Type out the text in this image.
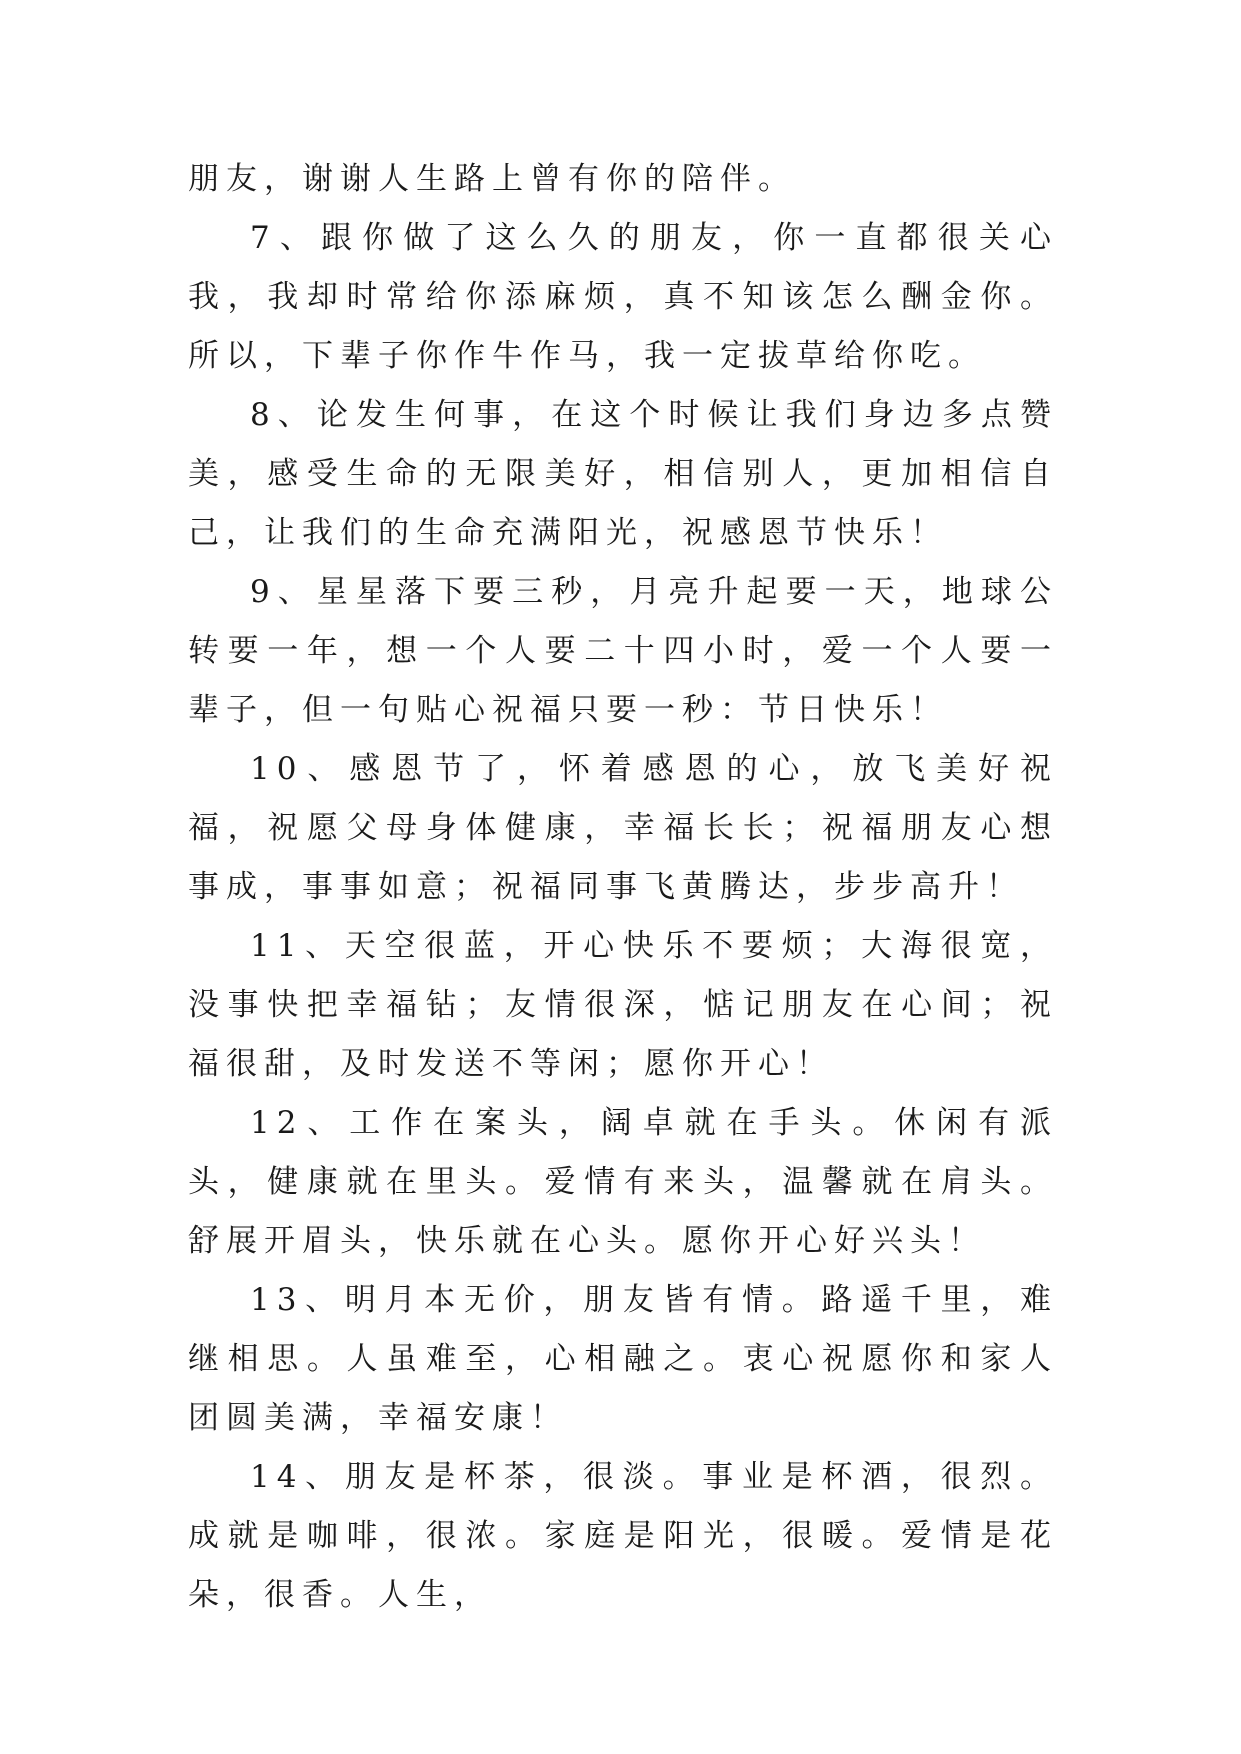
朋友，谢谢人生路上曾有你的陪伴。

7、跟你做了这么久的朋友，你一直都很关心我，我却时常给你添麻烦，真不知该怎么酬金你。所以，下辈子你作牛作马，我一定拔草给你吃。

8、论发生何事，在这个时候让我们身边多点赞美，感受生命的无限美好，相信别人，更加相信自己，让我们的生命充满阳光，祝感恩节快乐！

9、星星落下要三秒，月亮升起要一天，地球公转要一年，想一个人要二十四小时，爱一个人要一辈子，但一句贴心祝福只要一秒：节日快乐！

10、感恩节了，怀着感恩的心，放飞美好祝福，祝愿父母身体健康，幸福长长；祝福朋友心想事成，事事如意；祝福同事飞黄腾达，步步高升！

11、天空很蓝，开心快乐不要烦；大海很宽，没事快把幸福钻；友情很深，惦记朋友在心间；祝福很甜，及时发送不等闲；愿你开心！

12、工作在案头，阔卓就在手头。休闲有派头，健康就在里头。爱情有来头，温馨就在肩头。舒展开眉头，快乐就在心头。愿你开心好兴头！

13、明月本无价，朋友皆有情。路遥千里，难继相思。人虽难至，心相融之。衷心祝愿你和家人团圆美满，幸福安康！

14、朋友是杯茶，很淡。事业是杯酒，很烈。成就是咖啡，很浓。家庭是阳光，很暖。爱情是花朵，很香。人生，
